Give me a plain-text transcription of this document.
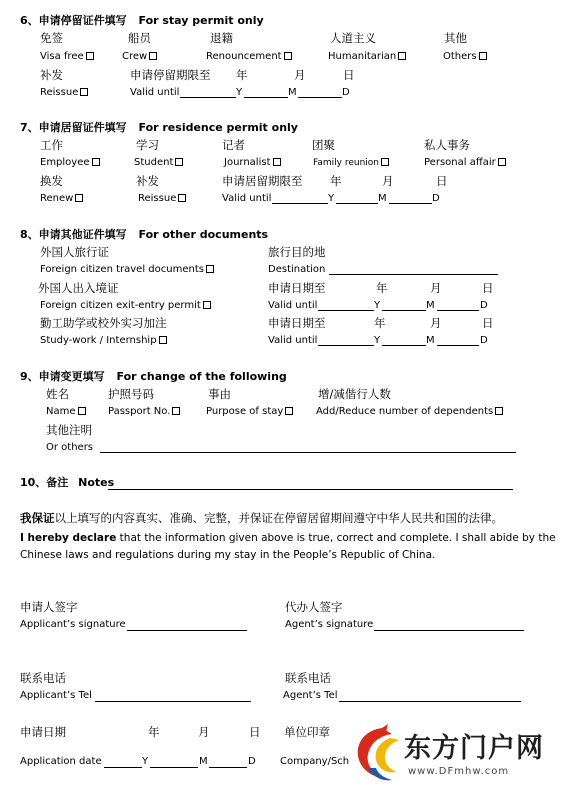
6、申请停留证件填写 For stay permit only
免签	船员	退籍	人道主义	其他
Visa free	Crew	Renouncement	Humanitarian	Others
补发	申请停留期限至 年	月	日
Reissue	Valid until	Y	M	D
7、申请居留证件填写 For residence permit only
工作	学习	记者	团聚	私人事务
Employee	Student	Journalist	Family reunion	Personal affair
换发	补发	申请居留期限至 年	月	日
Renew	Reissue	Valid until	Y	M	D
8、申请其他证件填写 For other documents
外国人旅行证	旅行目的地
Foreign citizen travel documents	Destination
外国人出入境证	申请日期至	年	月	日
Foreign citizen exit-entry permit	Valid until	Y	M	D
勤工助学或校外实习加注	申请日期至	年	月	日
Study-work / Internship	Valid until	Y	M	D
9、申请变更填写 For change of the following
姓名	护照号码	事由	增/减偕行人数
Name	Passport No.	Purpose of stay	Add/Reduce number of dependents
其他注明
Or others
10、备注 Notes
我保证以上填写的内容真实、准确、完整，并保证在停留居留期间遵守中华人民共和国的法律。
I hereby declare that the information given above is true, correct and complete. I shall abide by the
Chinese laws and regulations during my stay in the People’s Republic of China.
申请人签字
Applicant’s signature
代办人签字
Agent’s signature
联系电话
Applicant’s Tel
联系电话
Agent’s Tel
申请日期	年	月	日 单位印章
Application date	Y	M	D Company/Sch 东方门户网
www.DFmhw.com
